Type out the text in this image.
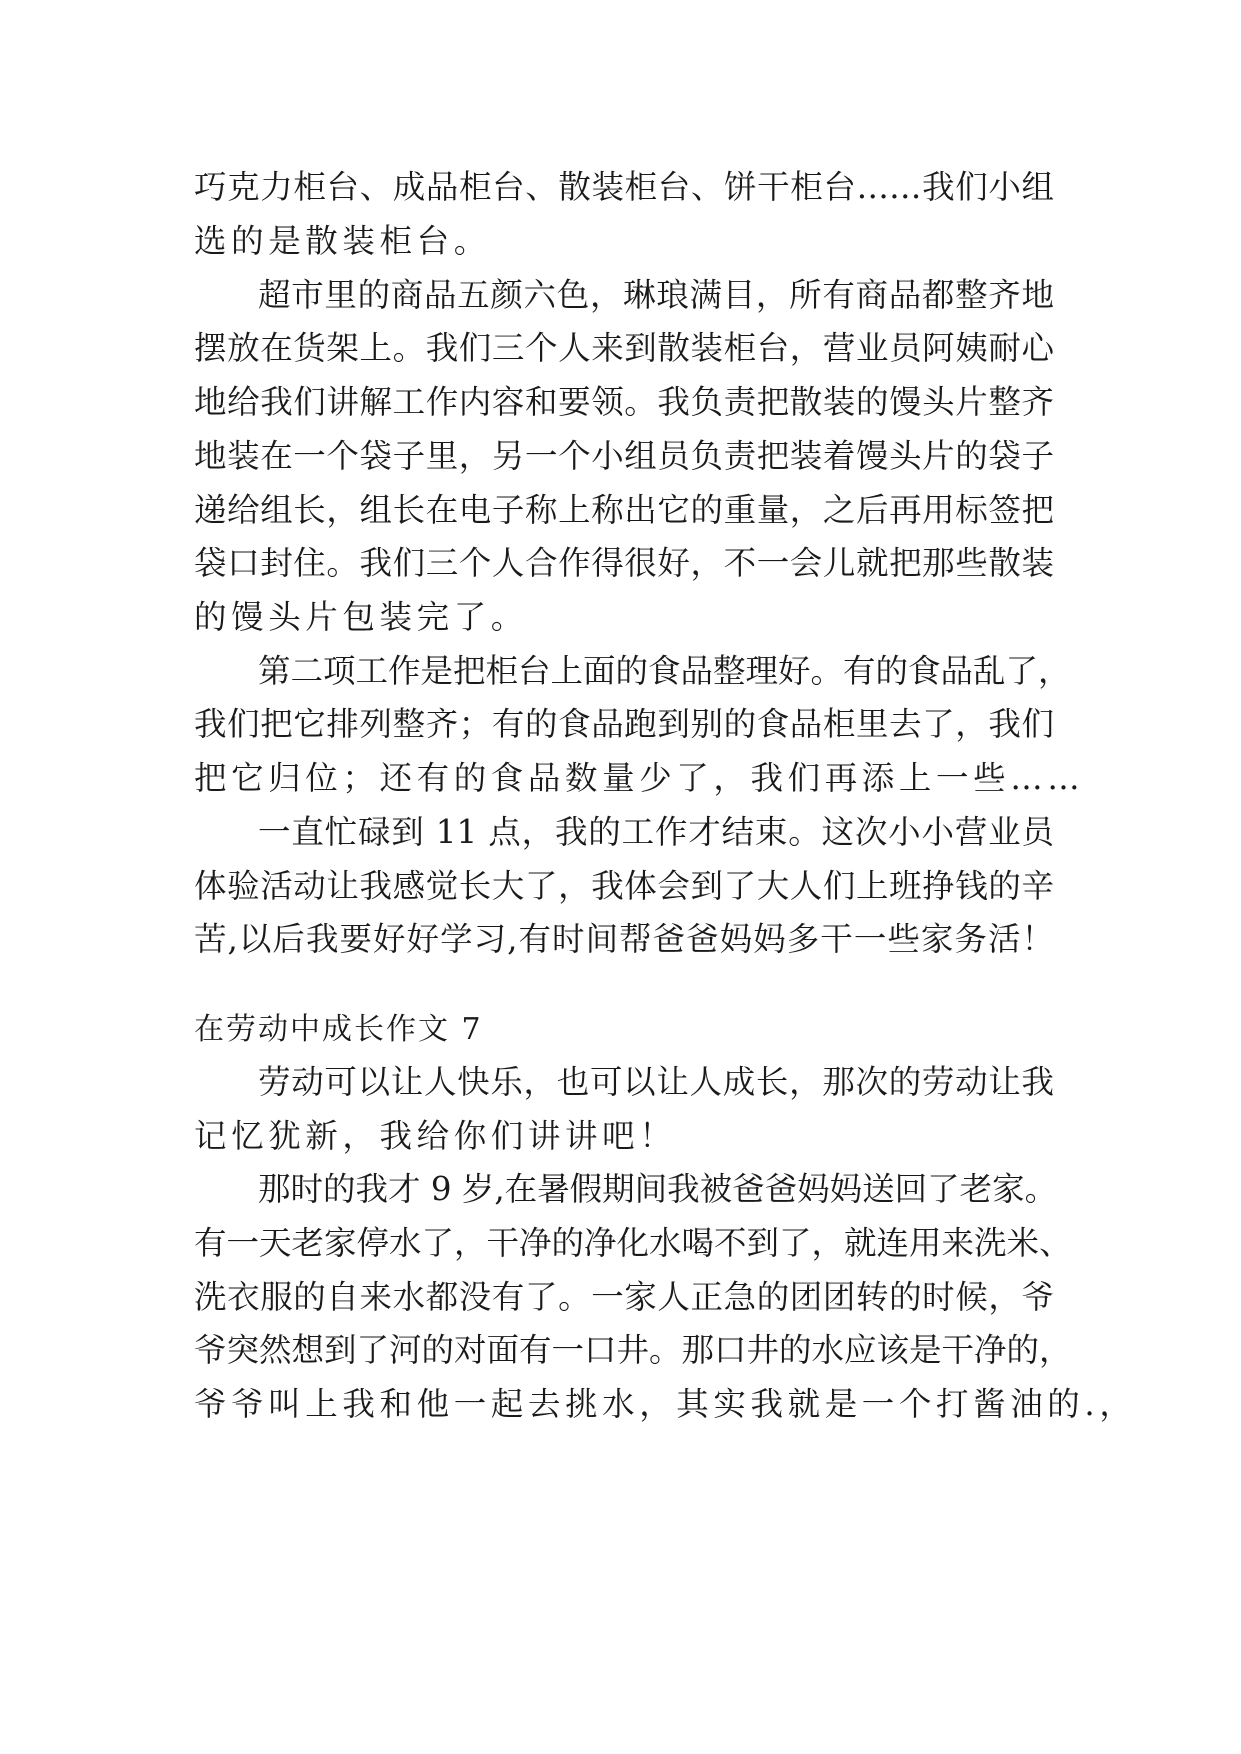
巧克力柜台、成品柜台、散装柜台、饼干柜台……我们小组
选的是散装柜台。
超市里的商品五颜六色，琳琅满目，所有商品都整齐地
摆放在货架上。我们三个人来到散装柜台，营业员阿姨耐心
地给我们讲解工作内容和要领。我负责把散装的馒头片整齐
地装在一个袋子里，另一个小组员负责把装着馒头片的袋子
递给组长，组长在电子称上称出它的重量，之后再用标签把
袋口封住。我们三个人合作得很好，不一会儿就把那些散装
的馒头片包装完了。
第二项工作是把柜台上面的食品整理好。有的食品乱了，
我们把它排列整齐；有的食品跑到别的食品柜里去了，我们
把它归位；还有的食品数量少了，我们再添上一些……
一直忙碌到 11 点，我的工作才结束。这次小小营业员
体验活动让我感觉长大了，我体会到了大人们上班挣钱的辛
苦,以后我要好好学习,有时间帮爸爸妈妈多干一些家务活！
在劳动中成长作文 7
劳动可以让人快乐，也可以让人成长，那次的劳动让我
记忆犹新，我给你们讲讲吧！
那时的我才 9 岁,在暑假期间我被爸爸妈妈送回了老家。
有一天老家停水了，干净的净化水喝不到了，就连用来洗米、
洗衣服的自来水都没有了。一家人正急的团团转的时候，爷
爷突然想到了河的对面有一口井。那口井的水应该是干净的，
爷爷叫上我和他一起去挑水，其实我就是一个打酱油的.，
